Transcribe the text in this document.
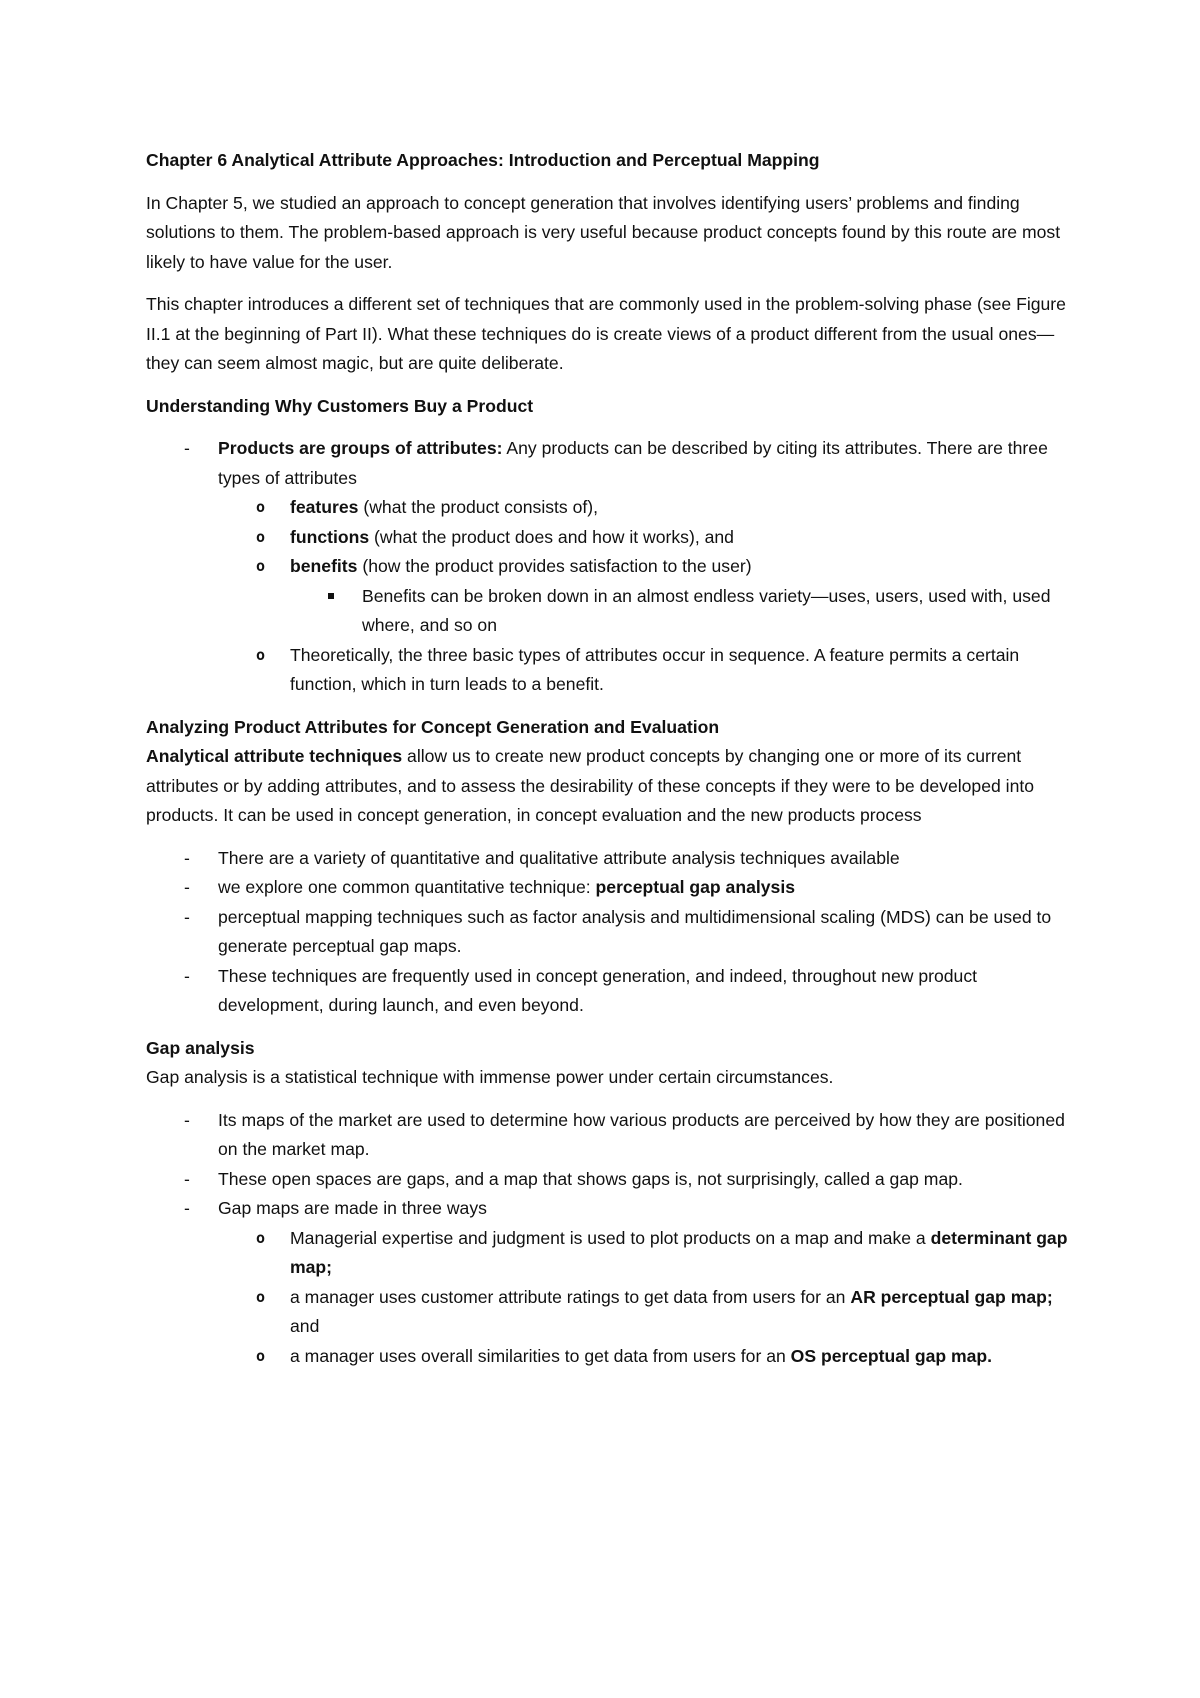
Chapter 6 Analytical Attribute Approaches: Introduction and Perceptual Mapping

In Chapter 5, we studied an approach to concept generation that involves identifying users’ problems and finding solutions to them. The problem-based approach is very useful because product concepts found by this route are most likely to have value for the user.

This chapter introduces a different set of techniques that are commonly used in the problem-solving phase (see Figure II.1 at the beginning of Part II). What these techniques do is create views of a product different from the usual ones—they can seem almost magic, but are quite deliberate.

Understanding Why Customers Buy a Product

- Products are groups of attributes: Any products can be described by citing its attributes. There are three types of attributes
o features (what the product consists of),
o functions (what the product does and how it works), and
o benefits (how the product provides satisfaction to the user)
Benefits can be broken down in an almost endless variety—uses, users, used with, used where, and so on
o Theoretically, the three basic types of attributes occur in sequence. A feature permits a certain function, which in turn leads to a benefit.

Analyzing Product Attributes for Concept Generation and Evaluation

Analytical attribute techniques allow us to create new product concepts by changing one or more of its current attributes or by adding attributes, and to assess the desirability of these concepts if they were to be developed into products. It can be used in concept generation, in concept evaluation and the new products process

- There are a variety of quantitative and qualitative attribute analysis techniques available
- we explore one common quantitative technique: perceptual gap analysis
- perceptual mapping techniques such as factor analysis and multidimensional scaling (MDS) can be used to generate perceptual gap maps.
- These techniques are frequently used in concept generation, and indeed, throughout new product development, during launch, and even beyond.

Gap analysis

Gap analysis is a statistical technique with immense power under certain circumstances.

- Its maps of the market are used to determine how various products are perceived by how they are positioned on the market map.
- These open spaces are gaps, and a map that shows gaps is, not surprisingly, called a gap map.
- Gap maps are made in three ways
o Managerial expertise and judgment is used to plot products on a map and make a determinant gap map;
o a manager uses customer attribute ratings to get data from users for an AR perceptual gap map; and
o a manager uses overall similarities to get data from users for an OS perceptual gap map.
